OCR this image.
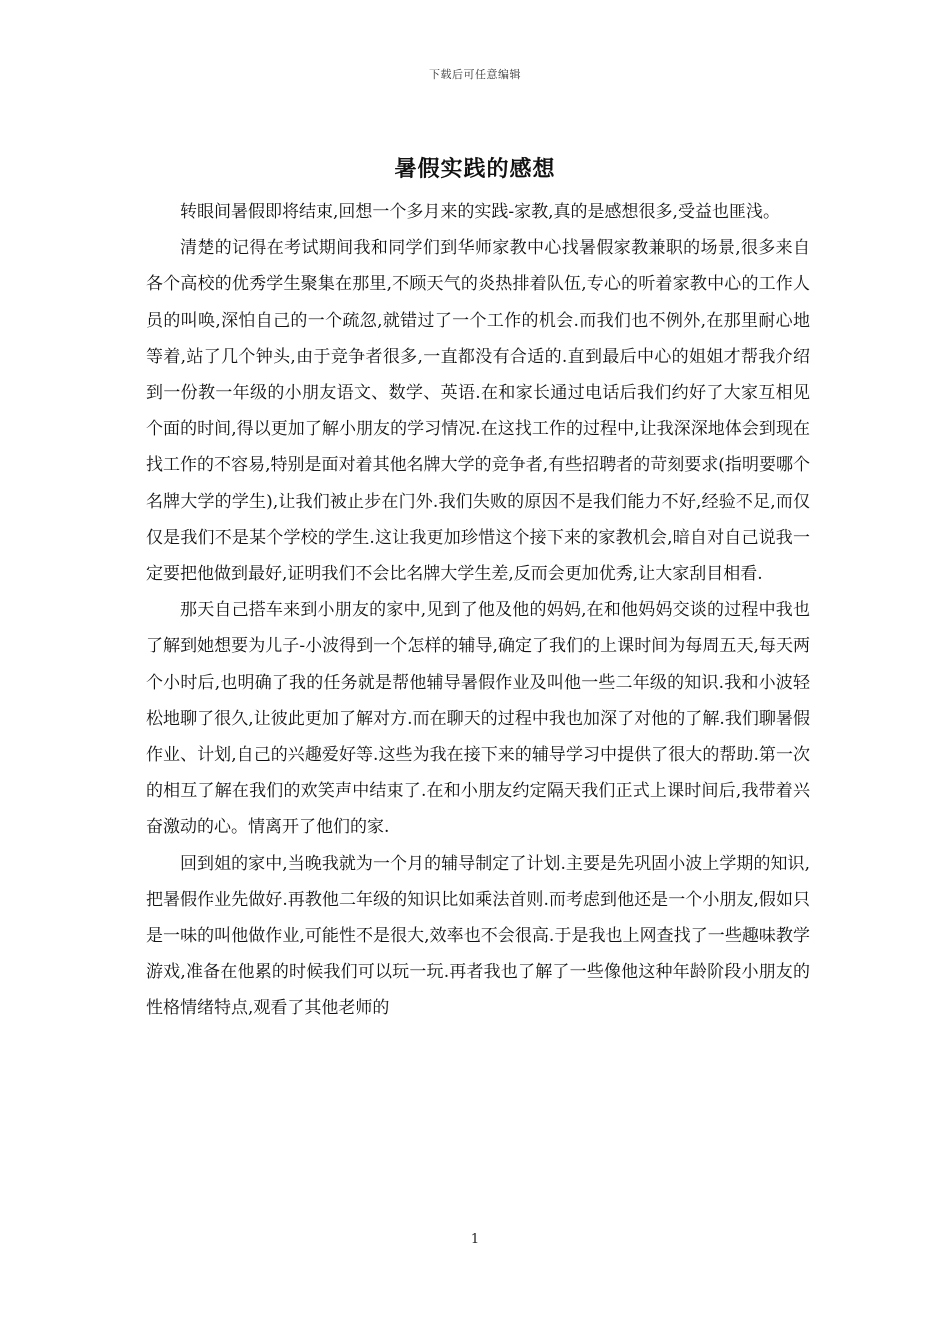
下载后可任意编辑
暑假实践的感想

转眼间暑假即将结束,回想一个多月来的实践-家教,真的是感想很多,受益也匪浅。

清楚的记得在考试期间我和同学们到华师家教中心找暑假家教兼职的场景,很多来自各个高校的优秀学生聚集在那里,不顾天气的炎热排着队伍,专心的听着家教中心的工作人员的叫唤,深怕自己的一个疏忽,就错过了一个工作的机会.而我们也不例外,在那里耐心地等着,站了几个钟头,由于竞争者很多,一直都没有合适的.直到最后中心的姐姐才帮我介绍到一份教一年级的小朋友语文、数学、英语.在和家长通过电话后我们约好了大家互相见个面的时间,得以更加了解小朋友的学习情况.在这找工作的过程中,让我深深地体会到现在找工作的不容易,特别是面对着其他名牌大学的竞争者,有些招聘者的苛刻要求(指明要哪个名牌大学的学生),让我们被止步在门外.我们失败的原因不是我们能力不好,经验不足,而仅仅是我们不是某个学校的学生.这让我更加珍惜这个接下来的家教机会,暗自对自己说我一定要把他做到最好,证明我们不会比名牌大学生差,反而会更加优秀,让大家刮目相看.

那天自己搭车来到小朋友的家中,见到了他及他的妈妈,在和他妈妈交谈的过程中我也了解到她想要为儿子-小波得到一个怎样的辅导,确定了我们的上课时间为每周五天,每天两个小时后,也明确了我的任务就是帮他辅导暑假作业及叫他一些二年级的知识.我和小波轻松地聊了很久,让彼此更加了解对方.而在聊天的过程中我也加深了对他的了解.我们聊暑假作业、计划,自己的兴趣爱好等.这些为我在接下来的辅导学习中提供了很大的帮助.第一次的相互了解在我们的欢笑声中结束了.在和小朋友约定隔天我们正式上课时间后,我带着兴奋激动的心。情离开了他们的家.

回到姐的家中,当晚我就为一个月的辅导制定了计划.主要是先巩固小波上学期的知识,把暑假作业先做好.再教他二年级的知识比如乘法首则.而考虑到他还是一个小朋友,假如只是一味的叫他做作业,可能性不是很大,效率也不会很高.于是我也上网查找了一些趣味教学游戏,准备在他累的时候我们可以玩一玩.再者我也了解了一些像他这种年龄阶段小朋友的性格情绪特点,观看了其他老师的

1
